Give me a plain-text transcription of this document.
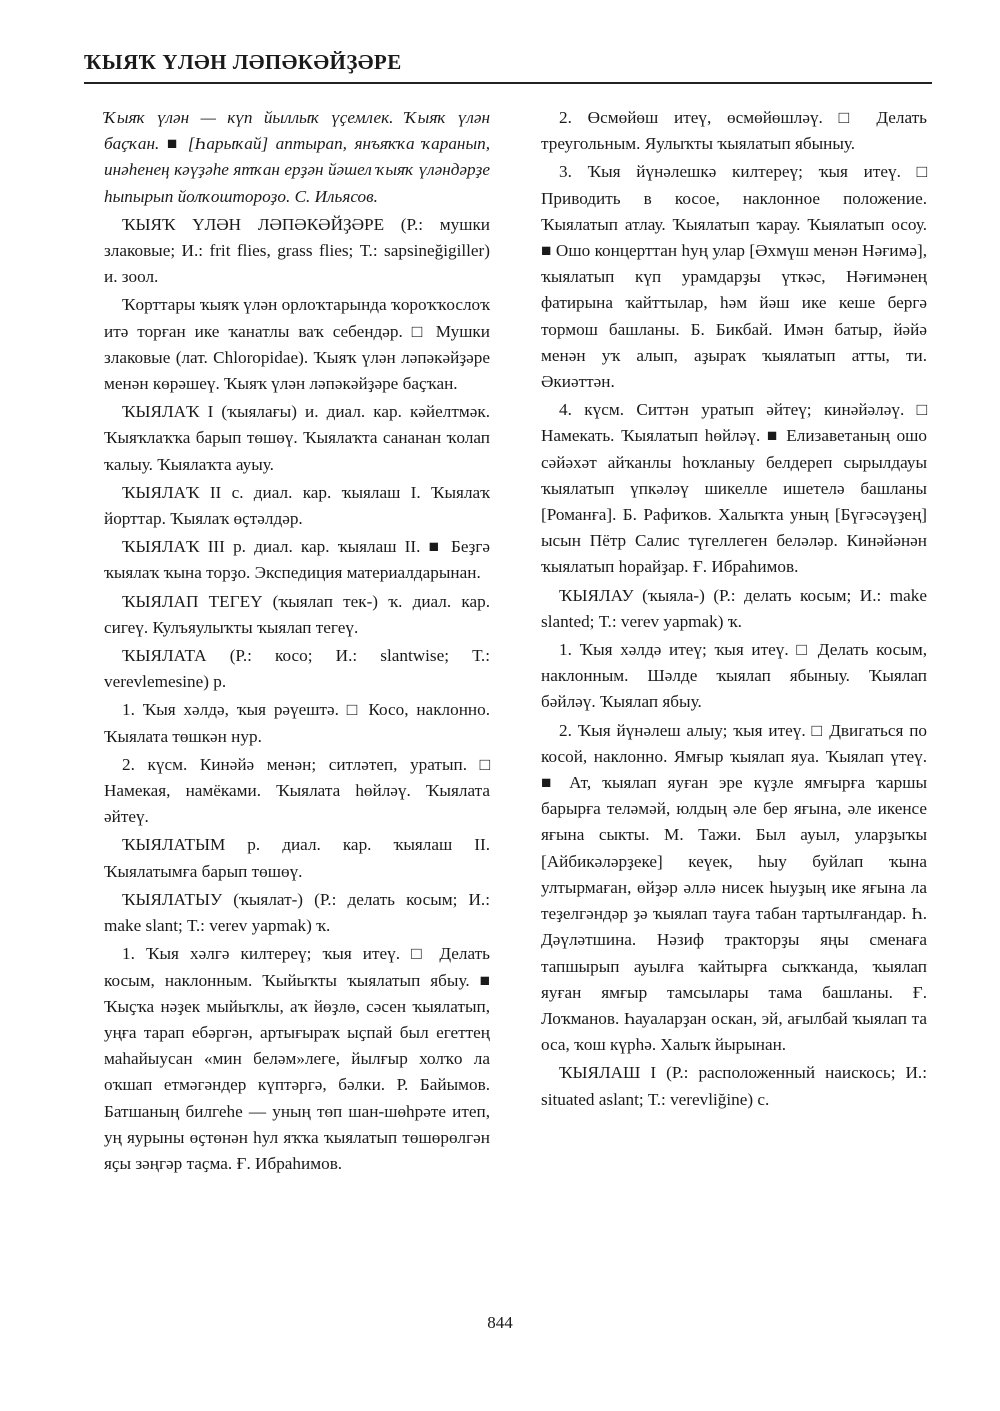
ҠЫЯҠ ҮЛӘН ЛӘПӘКӘЙҘӘРЕ

Ҡыяҡ үлән — күп йыллыҡ үҫемлек. Ҡыяҡ үлән баҫҡан. ■ [Һарыҡай] аптырап, янъяҡҡа ҡаранып, инәһенең кәүҙәһе ятҡан ерҙән йәшел ҡыяҡ үләндәрҙе һыпырып йолҡоштороҙо. С. Ильясов.

ҠЫЯҠ ҮЛӘН ЛӘПӘКӘЙҘӘРЕ (Р.: мушки злаковые; И.: frit flies, grass flies; Т.: sapsineğigiller) и. зоол.

Ҡорттары ҡыяҡ үлән орлоҡтарында ҡороҡҡослоҡ итә торған ике ҡанатлы ваҡ себендәр. □ Мушки злаковые (лат. Chloropidae). Ҡыяҡ үлән ләпәкәйҙәре менән көрәшеү. Ҡыяҡ үлән ләпәкәйҙәре баҫҡан.

ҠЫЯЛАҠ I (ҡыялағы) и. диал. кар. кәйелтмәк. Ҡыяҡлаҡҡа барып төшөү. Ҡыялаҡта сананан ҡолап ҡалыу. Ҡыялаҡта ауыу.

ҠЫЯЛАҠ II с. диал. кар. ҡыялаш I. Ҡыялаҡ йорттар. Ҡыялаҡ өҫтәлдәр.

ҠЫЯЛАҠ III р. диал. кар. ҡыялаш II. ■ Беҙгә ҡыялаҡ ҡына торҙо. Экспедиция материалдарынан.

ҠЫЯЛАП ТЕГЕҮ (ҡыялап тек-) ҡ. диал. кар. сигеү. Кулъяулыҡты ҡыялап тегеү.

ҠЫЯЛАТА (Р.: косо; И.: slantwise; Т.: verevlemesine) р.

1. Ҡыя хәлдә, ҡыя рәүештә. □ Косо, наклонно. Ҡыялата төшкән нур.

2. күсм. Кинәйә менән; ситләтеп, уратып. □ Намекая, намёками. Ҡыялата һөйләү. Ҡыялата әйтеү.

ҠЫЯЛАТЫМ р. диал. кар. ҡыялаш II. Ҡыялатымға барып төшөү.

ҠЫЯЛАТЫУ (ҡыялат-) (Р.: делать косым; И.: make slant; Т.: verev yapmak) ҡ.

1. Ҡыя хәлгә килтереү; ҡыя итеү. □ Делать косым, наклонным. Ҡыйыҡты ҡыялатып ябыу. ■ Ҡыҫҡа нәҙек мыйыҡлы, аҡ йөҙлө, сәсен ҡыялатып, уңға тарап ебәргән, артығыраҡ ыҫпай был егеттең маһайыусан «мин беләм»леге, йылғыр холҡо ла оҡшап етмәгәндер күптәргә, бәлки. Р. Байымов. Батшаның билгеһе — уның төп шан-шөһрәте итеп, уң яурыны өҫтөнән һул яҡҡа ҡыялатып төшөрөлгән яҫы зәңгәр таҫма. Ғ. Ибраһимов.

2. Өсмөйөш итеү, өсмөйөшләү. □ Делать треугольным. Яулыҡты ҡыялатып ябыныу.

3. Ҡыя йүнәлешкә килтереү; ҡыя итеү. □ Приводить в косое, наклонное положение. Ҡыялатып атлау. Ҡыялатып ҡарау. Ҡыялатып осоу. ■ Ошо концерттан һуң улар [Әхмүш менән Нәғимә], ҡыялатып күп урамдарҙы үткәс, Нәғимәнең фатирына ҡайттылар, һәм йәш ике кеше бергә тормош башланы. Б. Бикбай. Имән батыр, йәйә менән уҡ алып, аҙыраҡ ҡыялатып атты, ти. Әкиәттән.

4. күсм. Ситтән уратып әйтеү; кинәйәләү. □ Намекать. Ҡыялатып һөйләү. ■ Елизаветаның ошо сәйәхәт айҡанлы һоҡланыу белдереп сырылдауы ҡыялатып үпкәләү шикелле ишетелә башланы [Романға]. Б. Рафиҡов. Халыҡта уның [Бүгәсәүҙең] ысын Пётр Салис түгеллеген беләләр. Кинәйәнән ҡыялатып һорайҙар. Ғ. Ибраһимов.

ҠЫЯЛАУ (ҡыяла-) (Р.: делать косым; И.: make slanted; Т.: verev yapmak) ҡ.

1. Ҡыя хәлдә итеү; ҡыя итеү. □ Делать косым, наклонным. Шәлде ҡыялап ябыныу. Ҡыялап бәйләү. Ҡыялап ябыу.

2. Ҡыя йүнәлеш алыу; ҡыя итеү. □ Двигаться по косой, наклонно. Ямғыр ҡыялап яуа. Ҡыялап үтеү. ■ Ат, ҡыялап яуған эре күҙле ямғырға ҡаршы барырға теләмәй, юлдың әле бер яғына, әле икенсе яғына сыкты. М. Тажи. Был ауыл, уларҙыҡы [Айбикәләрҙеке] кеүек, һыу буйлап ҡына ултырмаған, өйҙәр әллә нисек һыуҙың ике яғына ла теҙелгәндәр ҙә ҡыялап тауға табан тартылғандар. Һ. Дәүләтшина. Нәзиф тракторҙы яңы сменаға тапшырып ауылға ҡайтырға сыҡҡанда, ҡыялап яуған ямғыр тамсылары тама башланы. Ғ. Лоҡманов. Һауаларҙан оскан, эй, ағылбай ҡыялап та оса, ҡош күрһә. Халыҡ йырынан.

ҠЫЯЛАШ I (Р.: расположенный наискось; И.: situated aslant; Т.: verevliğine) с.

844
